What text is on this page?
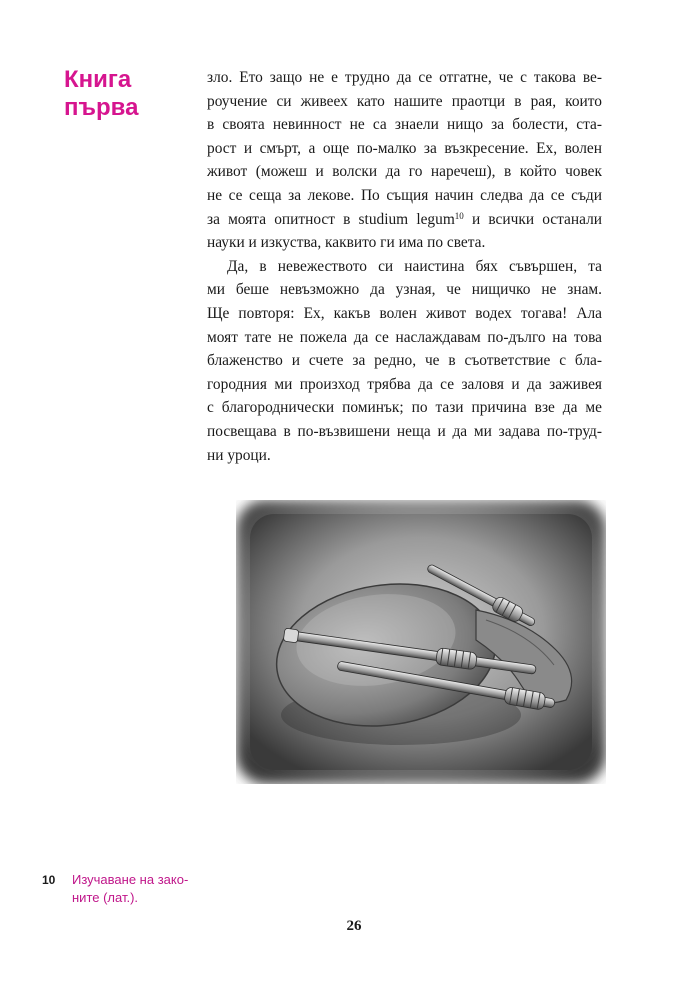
Книга
първа
зло. Ето защо не е трудно да се отгатне, че с такова ве-
роучение си живеех като нашите праотци в рая, които
в своята невинност не са знаели нищо за болести, ста-
рост и смърт, а още по-малко за възкресение. Ех, волен
живот (можеш и волски да го наречеш), в който човек
не се сеща за лекове. По същия начин следва да се съди
за моята опитност в studium legum$^{10}$ и всички останали
науки и изкуства, каквито ги има по света.
Да, в невежеството си наистина бях съвършен, та
ми беше невъзможно да узная, че нищичко не знам.
Ще повторя: Ех, какъв волен живот водех тогава! Ала
моят тате не пожела да се наслаждавам по-дълго на това
блаженство и счете за редно, че в съответствие с бла-
городния ми произход трябва да се заловя и да заживея
с благороднически поминък; по тази причина взе да ме
посвещава в по-възвишени неща и да ми задава по-труд-
ни уроци.
10 Изучаване на зако-
ните (лат.).
26
